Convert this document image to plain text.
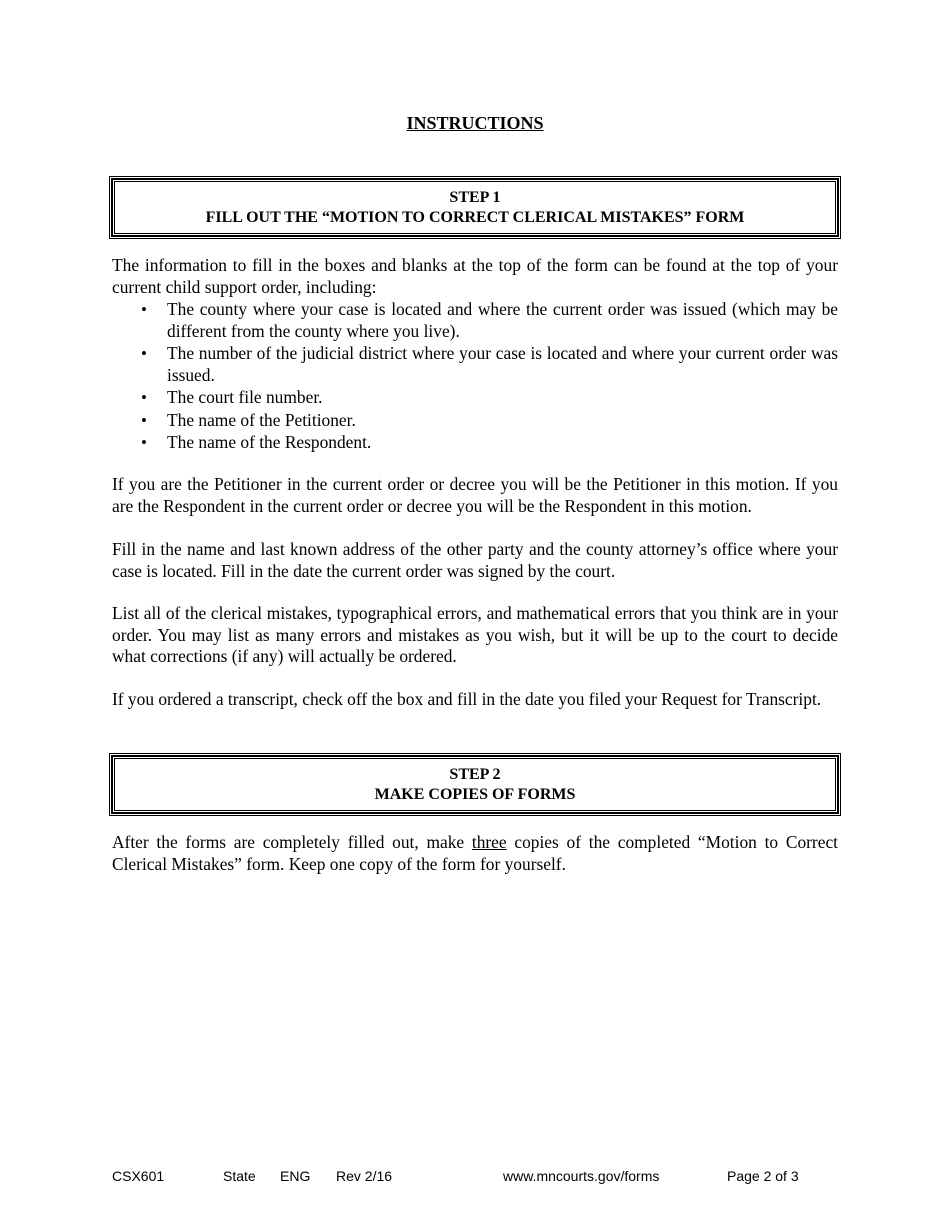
INSTRUCTIONS
STEP 1
FILL OUT THE “MOTION TO CORRECT CLERICAL MISTAKES” FORM

The information to fill in the boxes and blanks at the top of the form can be found at the top of your current child support order, including:

• The county where your case is located and where the current order was issued (which may be different from the county where you live).
• The number of the judicial district where your case is located and where your current order was issued.
• The court file number.
• The name of the Petitioner.
• The name of the Respondent.

If you are the Petitioner in the current order or decree you will be the Petitioner in this motion. If you are the Respondent in the current order or decree you will be the Respondent in this motion.

Fill in the name and last known address of the other party and the county attorney’s office where your case is located. Fill in the date the current order was signed by the court.

List all of the clerical mistakes, typographical errors, and mathematical errors that you think are in your order. You may list as many errors and mistakes as you wish, but it will be up to the court to decide what corrections (if any) will actually be ordered.

If you ordered a transcript, check off the box and fill in the date you filed your Request for Transcript.

STEP 2
MAKE COPIES OF FORMS

After the forms are completely filled out, make three copies of the completed “Motion to Correct Clerical Mistakes” form. Keep one copy of the form for yourself.

CSX601	State ENG Rev 2/16	www.mncourts.gov/forms	Page 2 of 3
